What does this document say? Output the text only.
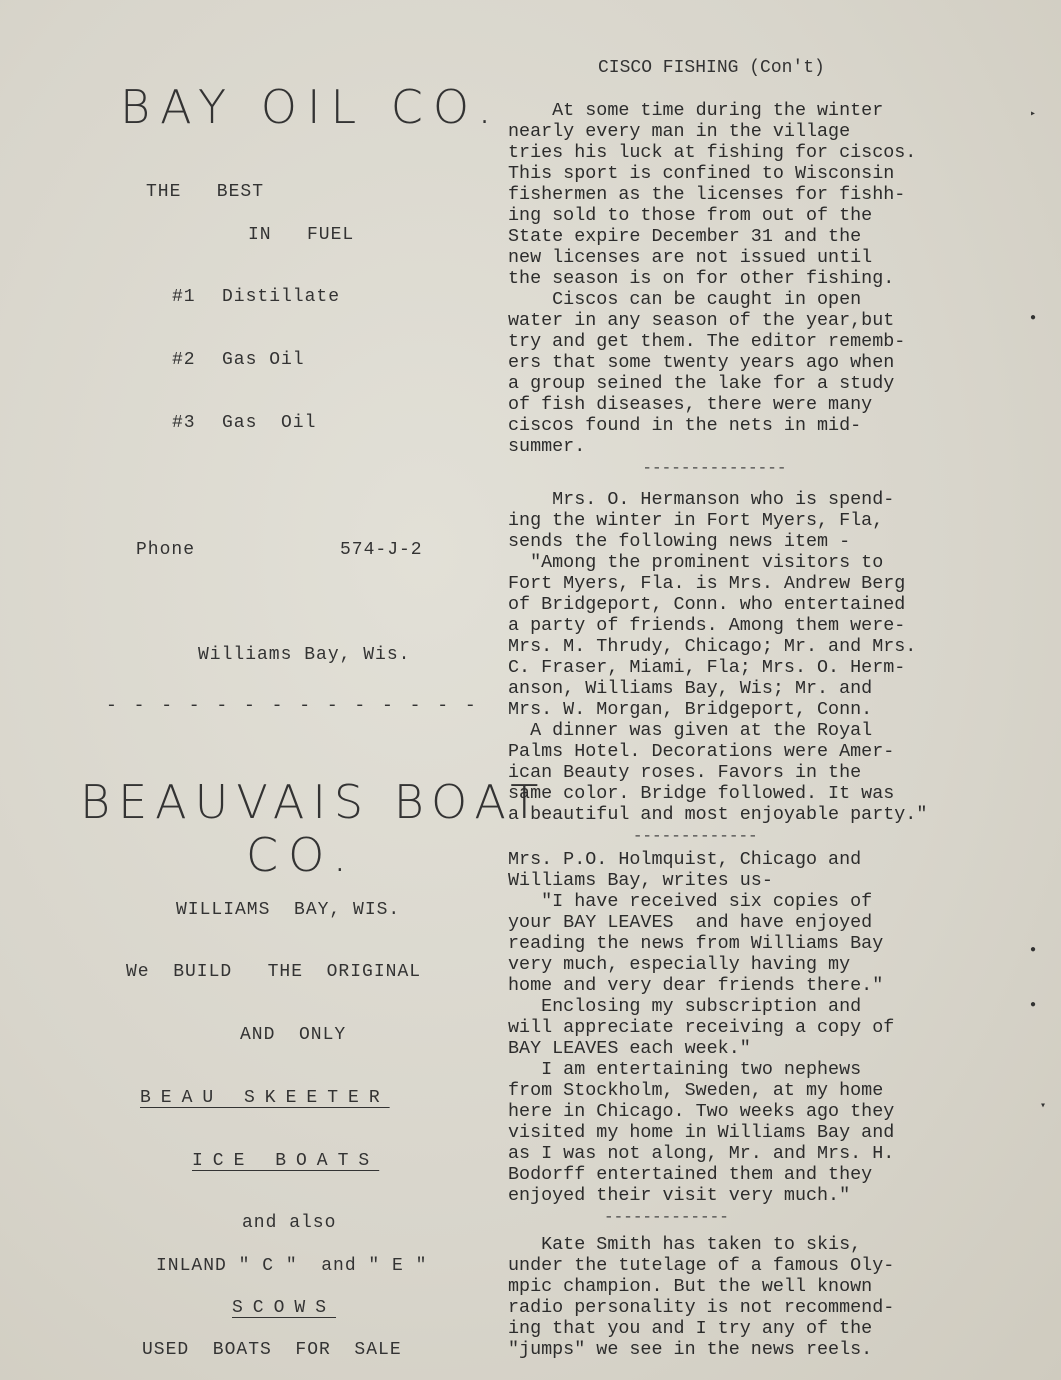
BAY OIL CO.
THE   BEST
IN   FUEL
#1 Distillate
#2 Gas Oil
#3 Gas  Oil
Phone	574-J-2
Williams Bay, Wis.
- - - - - - - - - - - - - -
BEAUVAIS BOAT
CO.
WILLIAMS  BAY, WIS.
We  BUILD   THE  ORIGINAL
AND  ONLY
BEAU SKEETER
ICE BOATS
and also
INLAND " C "  and " E "
SCOWS
USED  BOATS  FOR  SALE
CISCO FISHING (Con't)

At some time during the winter
nearly every man in the village
tries his luck at fishing for ciscos.
This sport is confined to Wisconsin
fishermen as the licenses for fishh-
ing sold to those from out of the
State expire December 31 and the
new licenses are not issued until
the season is on for other fishing.
Ciscos can be caught in open
water in any season of the year,but
try and get them. The editor rememb-
ers that some twenty years ago when
a group seined the lake for a study
of fish diseases, there were many
ciscos found in the nets in mid-
summer.

---------------

Mrs. O. Hermanson who is spend-
ing the winter in Fort Myers, Fla,
sends the following news item -
"Among the prominent visitors to
Fort Myers, Fla. is Mrs. Andrew Berg
of Bridgeport, Conn. who entertained
a party of friends. Among them were-
Mrs. M. Thrudy, Chicago; Mr. and Mrs.
C. Fraser, Miami, Fla; Mrs. O. Herm-
anson, Williams Bay, Wis; Mr. and
Mrs. W. Morgan, Bridgeport, Conn.
A dinner was given at the Royal
Palms Hotel. Decorations were Amer-
ican Beauty roses. Favors in the
same color. Bridge followed. It was
a beautiful and most enjoyable party."

-------------

Mrs. P.O. Holmquist, Chicago and
Williams Bay, writes us-
"I have received six copies of
your BAY LEAVES  and have enjoyed
reading the news from Williams Bay
very much, especially having my
home and very dear friends there."
Enclosing my subscription and
will appreciate receiving a copy of
BAY LEAVES each week."
I am entertaining two nephews
from Stockholm, Sweden, at my home
here in Chicago. Two weeks ago they
visited my home in Williams Bay and
as I was not along, Mr. and Mrs. H.
Bodorff entertained them and they
enjoyed their visit very much."

-------------

Kate Smith has taken to skis,
under the tutelage of a famous Oly-
mpic champion. But the well known
radio personality is not recommend-
ing that you and I try any of the
"jumps" we see in the news reels.

▸
●
●
●
▾
